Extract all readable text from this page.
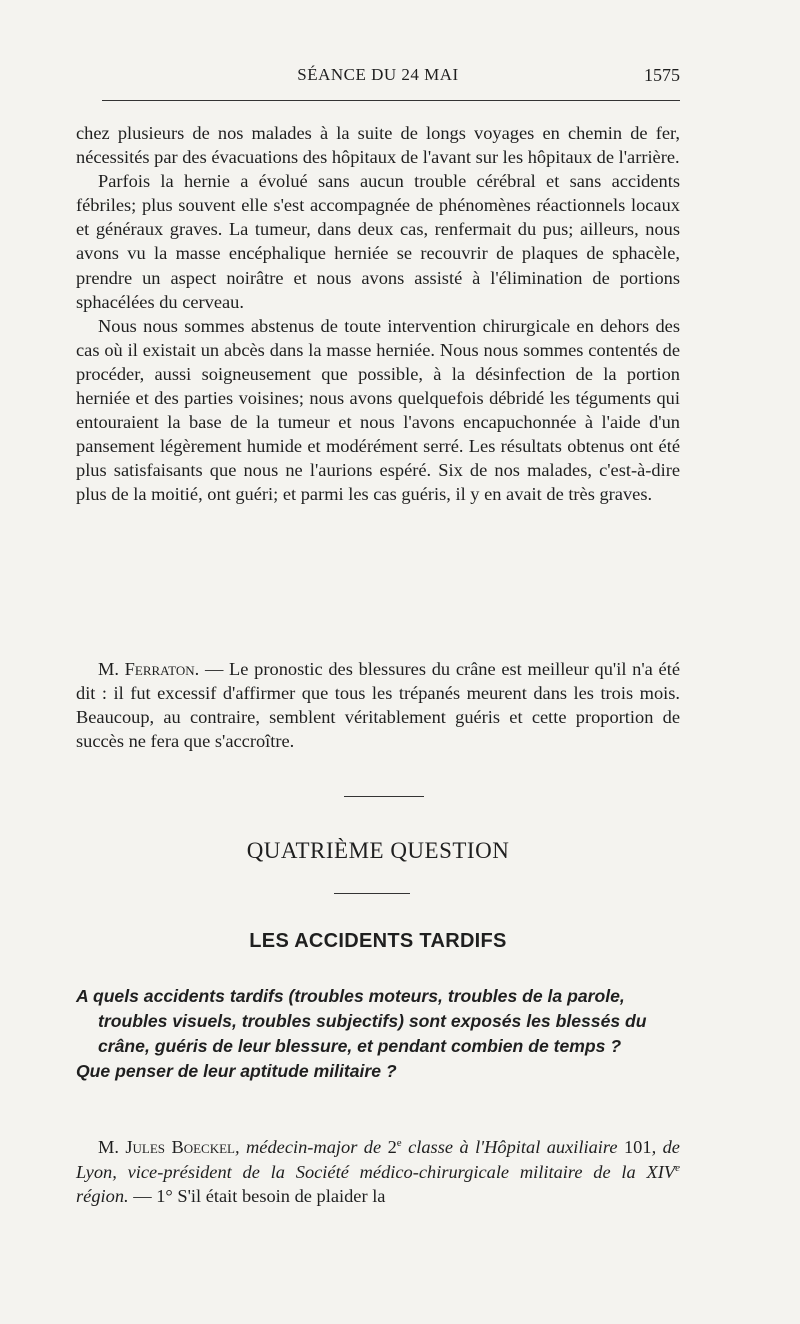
SÉANCE DU 24 MAI	1575

chez plusieurs de nos malades à la suite de longs voyages en chemin de fer, nécessités par des évacuations des hôpitaux de l'avant sur les hôpitaux de l'arrière.

Parfois la hernie a évolué sans aucun trouble cérébral et sans accidents fébriles; plus souvent elle s'est accompagnée de phénomènes réactionnels locaux et généraux graves. La tumeur, dans deux cas, renfermait du pus; ailleurs, nous avons vu la masse encéphalique herniée se recouvrir de plaques de sphacèle, prendre un aspect noirâtre et nous avons assisté à l'élimination de portions sphacélées du cerveau.

Nous nous sommes abstenus de toute intervention chirurgicale en dehors des cas où il existait un abcès dans la masse herniée. Nous nous sommes contentés de procéder, aussi soigneusement que possible, à la désinfection de la portion herniée et des parties voisines; nous avons quelquefois débridé les téguments qui entouraient la base de la tumeur et nous l'avons encapuchonnée à l'aide d'un pansement légèrement humide et modérément serré. Les résultats obtenus ont été plus satisfaisants que nous ne l'aurions espéré. Six de nos malades, c'est-à-dire plus de la moitié, ont guéri; et parmi les cas guéris, il y en avait de très graves.

M. Ferraton. — Le pronostic des blessures du crâne est meilleur qu'il n'a été dit : il fut excessif d'affirmer que tous les trépanés meurent dans les trois mois. Beaucoup, au contraire, semblent véritablement guéris et cette proportion de succès ne fera que s'accroître.

QUATRIÈME QUESTION
LES ACCIDENTS TARDIFS

A quels accidents tardifs (troubles moteurs, troubles de la parole, troubles visuels, troubles subjectifs) sont exposés les blessés du crâne, guéris de leur blessure, et pendant combien de temps ?

Que penser de leur aptitude militaire ?

M. Jules Boeckel, médecin-major de 2e classe à l'Hôpital auxiliaire 101, de Lyon, vice-président de la Société médico-chirurgicale militaire de la XIVe région. — 1° S'il était besoin de plaider la
